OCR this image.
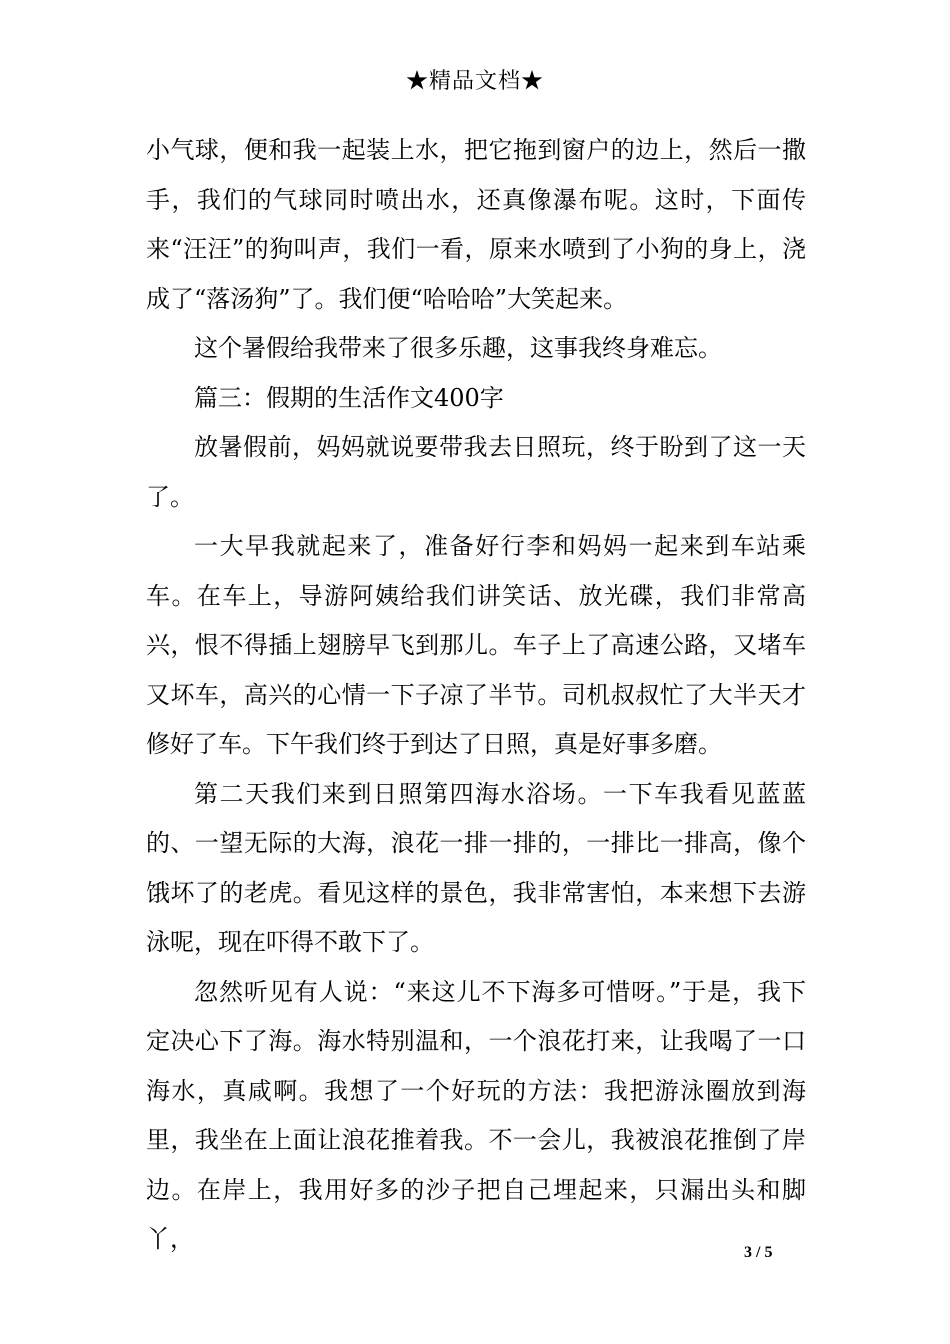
★精品文档★

小气球，便和我一起装上水，把它拖到窗户的边上，然后一撒手，我们的气球同时喷出水，还真像瀑布呢。这时，下面传来“汪汪”的狗叫声，我们一看，原来水喷到了小狗的身上，浇成了“落汤狗”了。我们便“哈哈哈”大笑起来。

这个暑假给我带来了很多乐趣，这事我终身难忘。

篇三：假期的生活作文400字

放暑假前，妈妈就说要带我去日照玩，终于盼到了这一天了。

一大早我就起来了，准备好行李和妈妈一起来到车站乘车。在车上，导游阿姨给我们讲笑话、放光碟，我们非常高兴，恨不得插上翅膀早飞到那儿。车子上了高速公路，又堵车又坏车，高兴的心情一下子凉了半节。司机叔叔忙了大半天才修好了车。下午我们终于到达了日照，真是好事多磨。

第二天我们来到日照第四海水浴场。一下车我看见蓝蓝的、一望无际的大海，浪花一排一排的，一排比一排高，像个饿坏了的老虎。看见这样的景色，我非常害怕，本来想下去游泳呢，现在吓得不敢下了。

忽然听见有人说：“来这儿不下海多可惜呀。”于是，我下定决心下了海。海水特别温和，一个浪花打来，让我喝了一口海水，真咸啊。我想了一个好玩的方法：我把游泳圈放到海里，我坐在上面让浪花推着我。不一会儿，我被浪花推倒了岸边。在岸上，我用好多的沙子把自己埋起来，只漏出头和脚丫，	3 / 5
